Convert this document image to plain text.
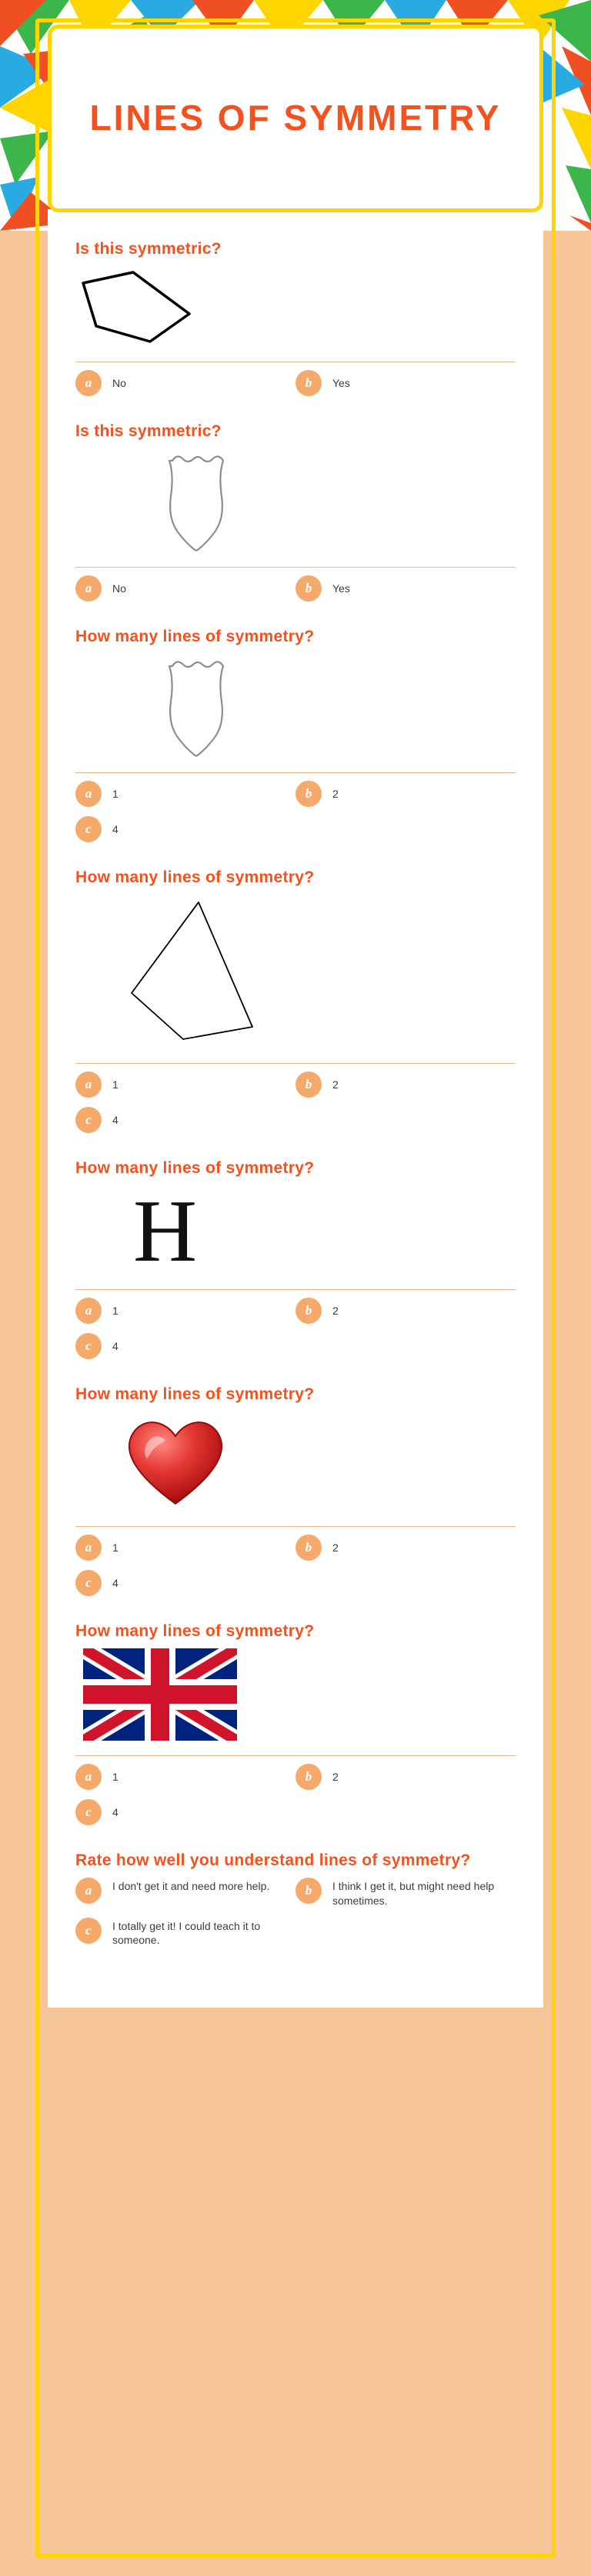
LINES OF SYMMETRY
Is this symmetric?
a	No	b	Yes
Is this symmetric?
a	No	b	Yes
How many lines of symmetry?
a	1	b	2
c	4
How many lines of symmetry?
a	1	b	2
c	4
How many lines of symmetry?
H
a	1	b	2
c	4
How many lines of symmetry?
a	1	b	2
c	4
How many lines of symmetry?
a	1	b	2
c	4
Rate how well you understand lines of symmetry?
a	I don't get it and need more help.	b	I think I get it, but might need help sometimes.
c	I totally get it! I could teach it to someone.
